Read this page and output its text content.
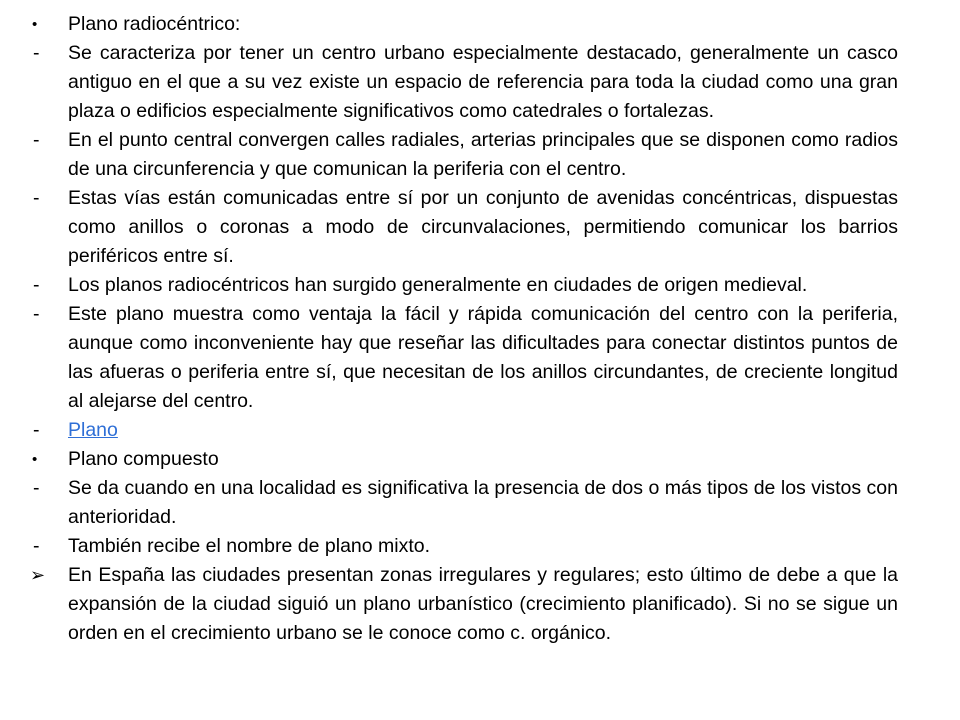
•	Plano radiocéntrico:
-	Se caracteriza por tener un centro urbano especialmente destacado, generalmente un casco antiguo en el que a su vez existe un espacio de referencia para toda la ciudad como una gran plaza o edificios especialmente significativos como catedrales o fortalezas.
-	En el punto central convergen calles radiales, arterias principales que se disponen como radios de una circunferencia y que comunican la periferia con el centro.
-	Estas vías están comunicadas entre sí por un conjunto de avenidas concéntricas, dispuestas como anillos o coronas a modo de circunvalaciones, permitiendo comunicar los barrios periféricos entre sí.
-	Los planos radiocéntricos han surgido generalmente en ciudades de origen medieval.
-	Este plano muestra como ventaja la fácil y rápida comunicación del centro con la periferia, aunque como inconveniente hay que reseñar las dificultades para conectar distintos puntos de las afueras o periferia entre sí, que necesitan de los anillos circundantes, de creciente longitud al alejarse del centro.
-	Plano
•	Plano compuesto
-	Se da cuando en una localidad es significativa la presencia de dos o más tipos de los vistos con anterioridad.
-	También recibe el nombre de plano mixto.
➢	En España las ciudades presentan zonas irregulares y regulares; esto último de debe a que la expansión de la ciudad siguió un plano urbanístico (crecimiento planificado). Si no se sigue un orden en el crecimiento urbano se le conoce como c. orgánico.
